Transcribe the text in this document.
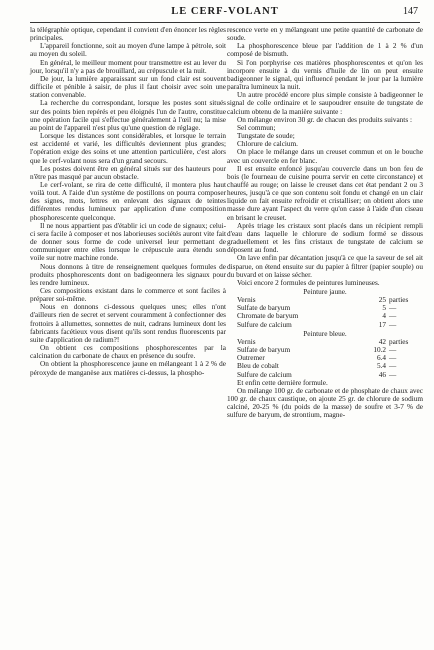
LE CERF-VOLANT	147

la télégraphie optique, cependant il convient d'en énoncer les règles principales.

L'appareil fonctionne, soit au moyen d'une lampe à pétrole, soit au moyen du soleil.

En général, le meilleur moment pour transmettre est au lever du jour, lorsqu'il n'y a pas de brouillard, au crépuscule et la nuit.

De jour, la lumière apparaissant sur un fond clair est souvent difficile et pénible à saisir, de plus il faut choisir avec soin une station convenable.

La recherche du correspondant, lorsque les postes sont situés sur des points bien repérés et peu éloignés l'un de l'autre, constitue une opération facile qui s'effectue généralement à l'œil nu; la mise au point de l'appareil n'est plus qu'une question de réglage.

Lorsque les distances sont considérables, et lorsque le terrain est accidenté et varié, les difficultés deviennent plus grandes; l'opération exige des soins et une attention particulière, c'est alors que le cerf-volant nous sera d'un grand secours.

Les postes doivent être en général situés sur des hauteurs pour n'être pas masqué par aucun obstacle.

Le cerf-volant, se rira de cette difficulté, il montera plus haut voilà tout. A l'aide d'un système de postillons on pourra composer des signes, mots, lettres en enlevant des signaux de teintes différentes rendus lumineux par application d'une composition phosphorescente quelconque.

Il ne nous appartient pas d'établir ici un code de signaux; celui-ci sera facile à composer et nos laborieuses sociétés auront vite fait de donner sous forme de code universel leur permettant de communiquer entre elles lorsque le crépuscule aura étendu son voile sur notre machine ronde.

Nous donnons à titre de renseignement quelques formules de produits phosphorescents dont on badigeonnera les signaux pour les rendre lumineux.

Ces compositions existant dans le commerce et sont faciles à préparer soi-même.

Nous en donnons ci-dessous quelques unes; elles n'ont d'ailleurs rien de secret et servent couramment à confectionner des frottoirs à allumettes, sonnettes de nuit, cadrans lumineux dont les fabricants facétieux vous disent qu'ils sont rendus fluorescents par suite d'application de radium?!

On obtient ces compositions phosphorescentes par la calcination du carbonate de chaux en présence du soufre.

On obtient la phosphorescence jaune en mélangeant 1 à 2 % de péroxyde de manganèse aux matières ci-dessus, la phospho-

rescence verte en y mélangeant une petite quantité de carbonate de soude.

La phosphorescence bleue par l'addition de 1 à 2 % d'un composé de bismuth.

Si l'on porphyrise ces matières phosphorescentes et qu'on les incorpore ensuite à du vernis d'huile de lin on peut ensuite badigeonner le signal, qui influencé pendant le jour par la lumière paraîtra lumineux la nuit.

Un autre procédé encore plus simple consiste à badigeonner le signal de colle ordinaire et le saupoudrer ensuite de tungstate de calcium obtenu de la manière suivante :

On mélange environ 30 gr. de chacun des produits suivants :

Sel commun;
Tungstate de soude;
Chlorure de calcium.

On place le mélange dans un creuset commun et on le bouche avec un couvercle en fer blanc.

Il est ensuite enfoncé jusqu'au couvercle dans un bon feu de bois (le fourneau de cuisine pourra servir en cette circonstance) et chauffé au rouge; on laisse le creuset dans cet état pendant 2 ou 3 heures, jusqu'à ce que son contenu soit fondu et changé en un clair liquide on fait ensuite refroidir et cristalliser; on obtient alors une masse dure ayant l'aspect du verre qu'on casse à l'aide d'un ciseau en brisant le creuset.

Après triage les cristaux sont placés dans un récipient rempli d'eau dans laquelle le chlorure de sodium formé se dissous graduellement et les fins cristaux de tungstate de calcium se déposent au fond.

On lave enfin par décantation jusqu'à ce que la saveur de sel ait disparue, on étend ensuite sur du papier à filtrer (papier souple) ou du buvard et on laisse sécher.

Voici encore 2 formules de peintures lumineuses.

Peinture jaune.
Vernis	25 parties
Sulfate de baryum	5 —
Chromate de baryum	4 —
Sulfure de calcium	17 —
Peinture bleue.
Vernis	42 parties
Sulfate de baryum	10.2 —
Outremer	6.4 —
Bleu de cobalt	5.4 —
Sulfure de calcium	46 —

Et enfin cette dernière formule.

On mélange 100 gr. de carbonate et de phosphate de chaux avec 100 gr. de chaux caustique, on ajoute 25 gr. de chlorure de sodium calciné, 20-25 % (du poids de la masse) de soufre et 3-7 % de sulfure de baryum, de strontium, magne-
